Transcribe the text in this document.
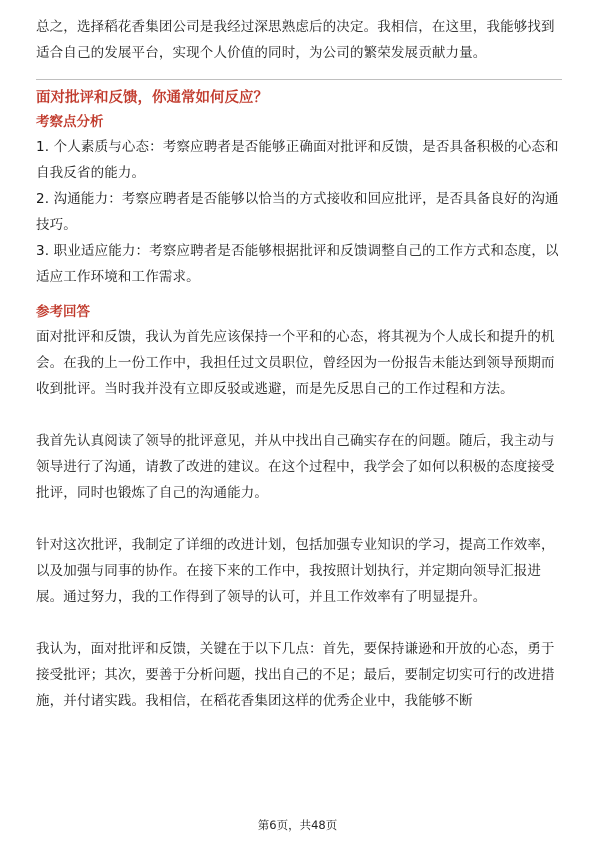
总之，选择稻花香集团公司是我经过深思熟虑后的决定。我相信，在这里，我能够找到适合自己的发展平台，实现个人价值的同时，为公司的繁荣发展贡献力量。

面对批评和反馈，你通常如何反应？
考察点分析

1. 个人素质与心态：考察应聘者是否能够正确面对批评和反馈，是否具备积极的心态和自我反省的能力。

2. 沟通能力：考察应聘者是否能够以恰当的方式接收和回应批评，是否具备良好的沟通技巧。

3. 职业适应能力：考察应聘者是否能够根据批评和反馈调整自己的工作方式和态度，以适应工作环境和工作需求。

参考回答

面对批评和反馈，我认为首先应该保持一个平和的心态，将其视为个人成长和提升的机会。在我的上一份工作中，我担任过文员职位，曾经因为一份报告未能达到领导预期而收到批评。当时我并没有立即反驳或逃避，而是先反思自己的工作过程和方法。

我首先认真阅读了领导的批评意见，并从中找出自己确实存在的问题。随后，我主动与领导进行了沟通，请教了改进的建议。在这个过程中，我学会了如何以积极的态度接受批评，同时也锻炼了自己的沟通能力。

针对这次批评，我制定了详细的改进计划，包括加强专业知识的学习，提高工作效率，以及加强与同事的协作。在接下来的工作中，我按照计划执行，并定期向领导汇报进展。通过努力，我的工作得到了领导的认可，并且工作效率有了明显提升。

我认为，面对批评和反馈，关键在于以下几点：首先，要保持谦逊和开放的心态，勇于接受批评；其次，要善于分析问题，找出自己的不足；最后，要制定切实可行的改进措施，并付诸实践。我相信，在稻花香集团这样的优秀企业中，我能够不断

第6页，共48页
